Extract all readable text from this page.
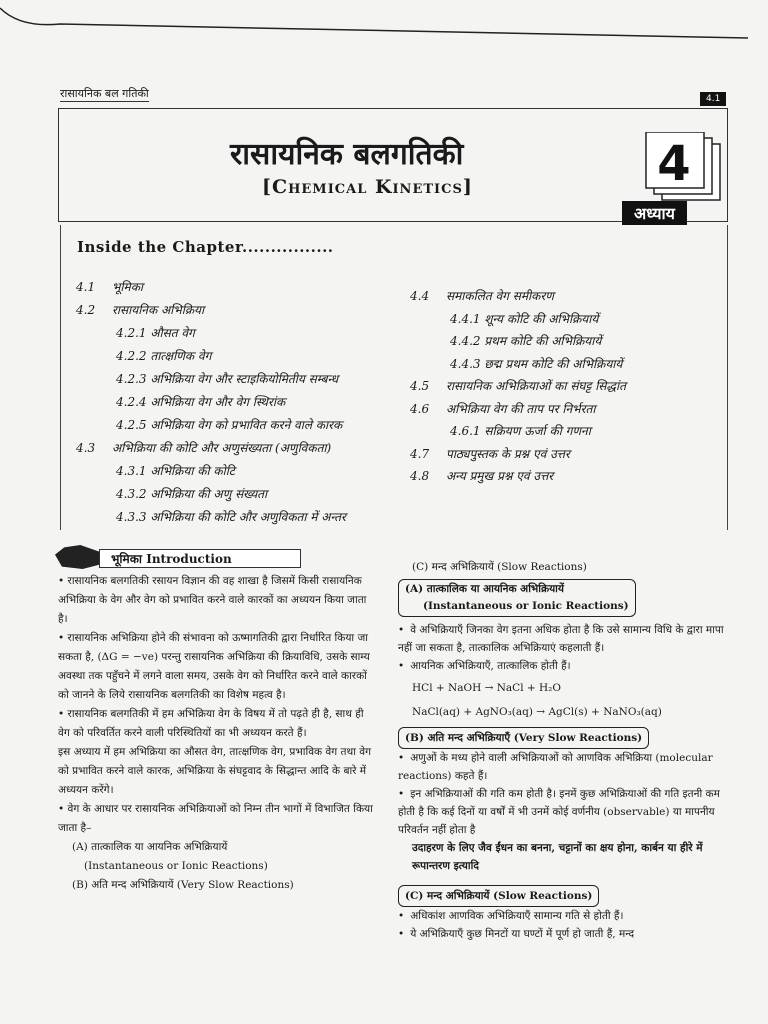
रासायनिक बल गतिकी	4.1
रासायनिक बलगतिकी
[Chemical Kinetics]	4
अध्याय
Inside the Chapter................
4.1 भूमिका
4.2 रासायनिक अभिक्रिया
4.2.1 औसत वेग
4.2.2 तात्क्षणिक वेग
4.2.3 अभिक्रिया वेग और स्टाइकियोमितीय सम्बन्ध
4.2.4 अभिक्रिया वेग और वेग स्थिरांक
4.2.5 अभिक्रिया वेग को प्रभावित करने वाले कारक
4.3 अभिक्रिया की कोटि और अणुसंख्यता (अणुविकता)
4.3.1 अभिक्रिया की कोटि
4.3.2 अभिक्रिया की अणु संख्यता
4.3.3 अभिक्रिया की कोटि और अणुविकता में अन्तर
4.4 समाकलित वेग समीकरण
4.4.1 शून्य कोटि की अभिक्रियायें
4.4.2 प्रथम कोटि की अभिक्रियायें
4.4.3 छद्म प्रथम कोटि की अभिक्रियायें
4.5 रासायनिक अभिक्रियाओं का संघट्ट सिद्धांत
4.6 अभिक्रिया वेग की ताप पर निर्भरता
4.6.1 सक्रियण ऊर्जा की गणना
4.7 पाठ्यपुस्तक के प्रश्न एवं उत्तर
4.8 अन्य प्रमुख प्रश्न एवं उत्तर
भूमिका Introduction

• रासायनिक बलगतिकी रसायन विज्ञान की वह शाखा है जिसमें किसी रासायनिक अभिक्रिया के वेग और वेग को प्रभावित करने वाले कारकों का अध्ययन किया जाता है।

• रासायनिक अभिक्रिया होने की संभावना को ऊष्मागतिकी द्वारा निर्धारित किया जा सकता है, (ΔG = −ve) परन्तु रासायनिक अभिक्रिया की क्रियाविधि, उसके साम्य अवस्था तक पहुँचने में लगने वाला समय, उसके वेग को निर्धारित करने वाले कारकों को जानने के लिये रासायनिक बलगतिकी का विशेष महत्व है।

• रासायनिक बलगतिकी में हम अभिक्रिया वेग के विषय में तो पढ़ते ही है, साथ ही वेग को परिवर्तित करने वाली परिस्थितियों का भी अध्ययन करते हैं।

इस अध्याय में हम अभिक्रिया का औसत वेग, तात्क्षणिक वेग, प्रभाविक वेग तथा वेग को प्रभावित करने वाले कारक, अभिक्रिया के संघट्टवाद के सिद्धान्त आदि के बारे में अध्ययन करेंगे।

• वेग के आधार पर रासायनिक अभिक्रियाओं को निम्न तीन भागों में विभाजित किया जाता है–

(A) तात्कालिक या आयनिक अभिक्रियायें

(Instantaneous or Ionic Reactions)

(B) अति मन्द अभिक्रियायें (Very Slow Reactions)

(C) मन्द अभिक्रियायें (Slow Reactions)
(A) तात्कालिक या आयनिक अभिक्रियायें
(Instantaneous or Ionic Reactions)
• वे अभिक्रियाएँ जिनका वेग इतना अधिक होता है कि उसे सामान्य विधि के द्वारा मापा नहीं जा सकता है, तात्कालिक अभिक्रियाएं कहलाती हैं।
• आयनिक अभिक्रियाएँ, तात्कालिक होती हैं।
HCl + NaOH → NaCl + H₂O
NaCl(aq) + AgNO₃(aq) → AgCl(s) + NaNO₃(aq)
(B) अति मन्द अभिक्रियाएँ (Very Slow Reactions)
• अणुओं के मध्य होने वाली अभिक्रियाओं को आणविक अभिक्रिया (molecular reactions) कहते हैं।
• इन अभिक्रियाओं की गति कम होती है। इनमें कुछ अभिक्रियाओं की गति इतनी कम होती है कि कई दिनों या वर्षों में भी उनमें कोई वर्णनीय (observable) या मापनीय परिवर्तन नहीं होता है
उदाहरण के लिए जैव ईंधन का बनना, चट्टानों का क्षय होना, कार्बन या हीरे में रूपान्तरण इत्यादि
(C) मन्द अभिक्रियायें (Slow Reactions)
• अधिकांश आणविक अभिक्रियाएँ सामान्य गति से होती हैं।
• ये अभिक्रियाएँ कुछ मिनटों या घण्टों में पूर्ण हो जाती हैं, मन्द
